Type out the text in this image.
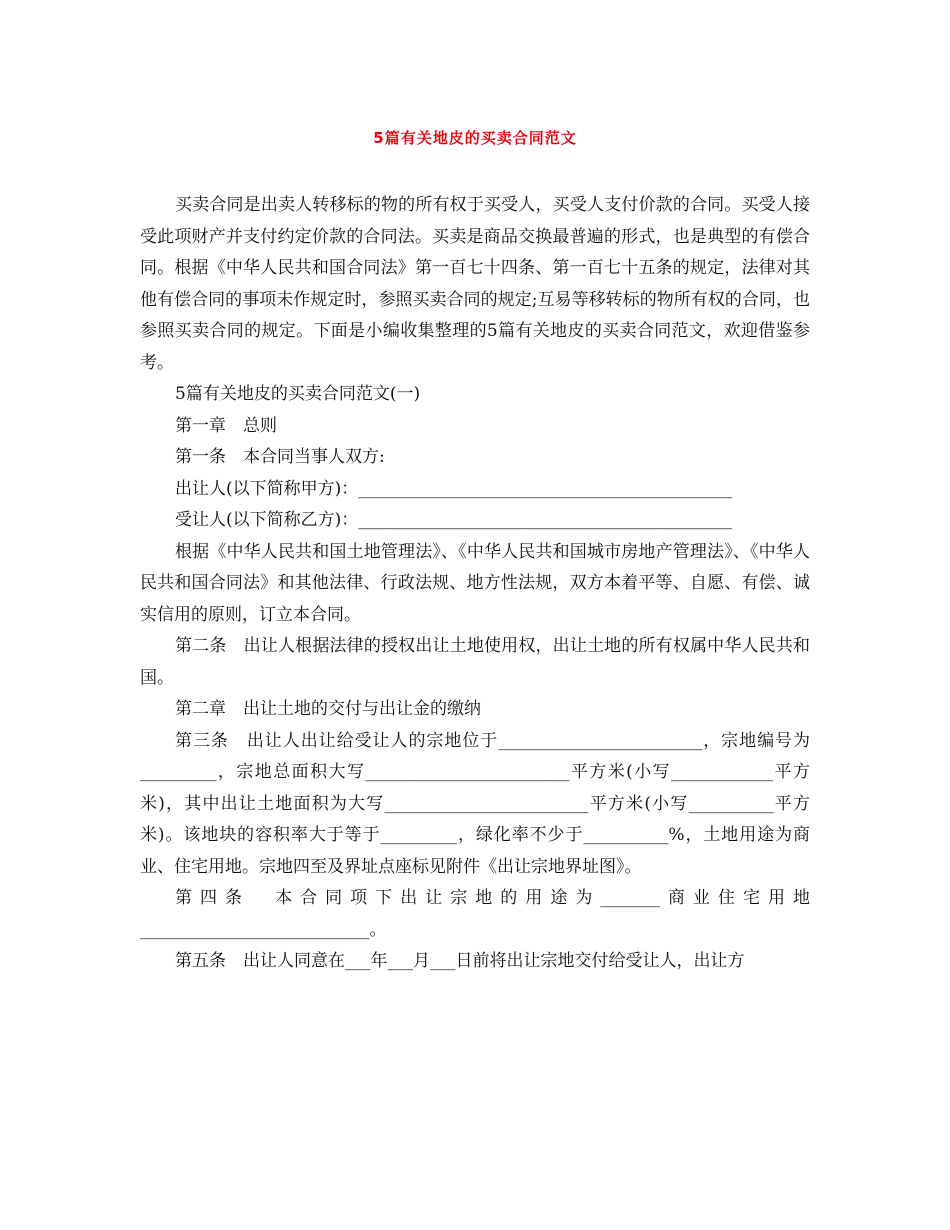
5篇有关地皮的买卖合同范文

买卖合同是出卖人转移标的物的所有权于买受人，买受人支付价款的合同。买受人接受此项财产并支付约定价款的合同法。买卖是商品交换最普遍的形式，也是典型的有偿合同。根据《中华人民共和国合同法》第一百七十四条、第一百七十五条的规定，法律对其他有偿合同的事项未作规定时，参照买卖合同的规定;互易等移转标的物所有权的合同，也参照买卖合同的规定。下面是小编收集整理的5篇有关地皮的买卖合同范文，欢迎借鉴参考。

5篇有关地皮的买卖合同范文(一)

第一章　总则

第一条　本合同当事人双方:

出让人(以下简称甲方)：____________________________________________

受让人(以下简称乙方)：____________________________________________

根据《中华人民共和国土地管理法》、《中华人民共和国城市房地产管理法》、《中华人民共和国合同法》和其他法律、行政法规、地方性法规，双方本着平等、自愿、有偿、诚实信用的原则，订立本合同。

第二条　出让人根据法律的授权出让土地使用权，出让土地的所有权属中华人民共和国。

第二章　出让土地的交付与出让金的缴纳

第三条　出让人出让给受让人的宗地位于________________________，宗地编号为_________，宗地总面积大写________________________平方米(小写____________平方米)，其中出让土地面积为大写________________________平方米(小写__________平方米)。该地块的容积率大于等于_________，绿化率不少于__________%，土地用途为商业、住宅用地。宗地四至及界址点座标见附件《出让宗地界址图》。

第四条　本合同项下出让宗地的用途为_______商业住宅用地___________________________。

第五条　出让人同意在___年___月___日前将出让宗地交付给受让人，出让方
